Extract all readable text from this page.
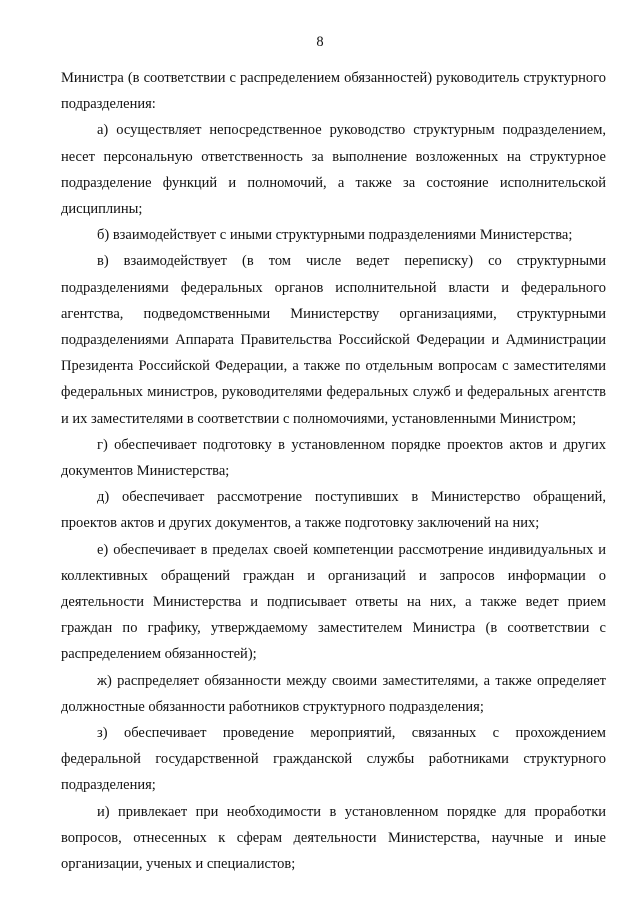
8

Министра (в соответствии с распределением обязанностей) руководитель структурного подразделения:

а) осуществляет непосредственное руководство структурным подразделением, несет персональную ответственность за выполнение возложенных на структурное подразделение функций и полномочий, а также за состояние исполнительской дисциплины;

б) взаимодействует с иными структурными подразделениями Министерства;

в) взаимодействует (в том числе ведет переписку) со структурными подразделениями федеральных органов исполнительной власти и федерального агентства, подведомственными Министерству организациями, структурными подразделениями Аппарата Правительства Российской Федерации и Администрации Президента Российской Федерации, а также по отдельным вопросам с заместителями федеральных министров, руководителями федеральных служб и федеральных агентств и их заместителями в соответствии с полномочиями, установленными Министром;

г) обеспечивает подготовку в установленном порядке проектов актов и других документов Министерства;

д) обеспечивает рассмотрение поступивших в Министерство обращений, проектов актов и других документов, а также подготовку заключений на них;

е) обеспечивает в пределах своей компетенции рассмотрение индивидуальных и коллективных обращений граждан и организаций и запросов информации о деятельности Министерства и подписывает ответы на них, а также ведет прием граждан по графику, утверждаемому заместителем Министра (в соответствии с распределением обязанностей);

ж) распределяет обязанности между своими заместителями, а также определяет должностные обязанности работников структурного подразделения;

з) обеспечивает проведение мероприятий, связанных с прохождением федеральной государственной гражданской службы работниками структурного подразделения;

и) привлекает при необходимости в установленном порядке для проработки вопросов, отнесенных к сферам деятельности Министерства, научные и иные организации, ученых и специалистов;
